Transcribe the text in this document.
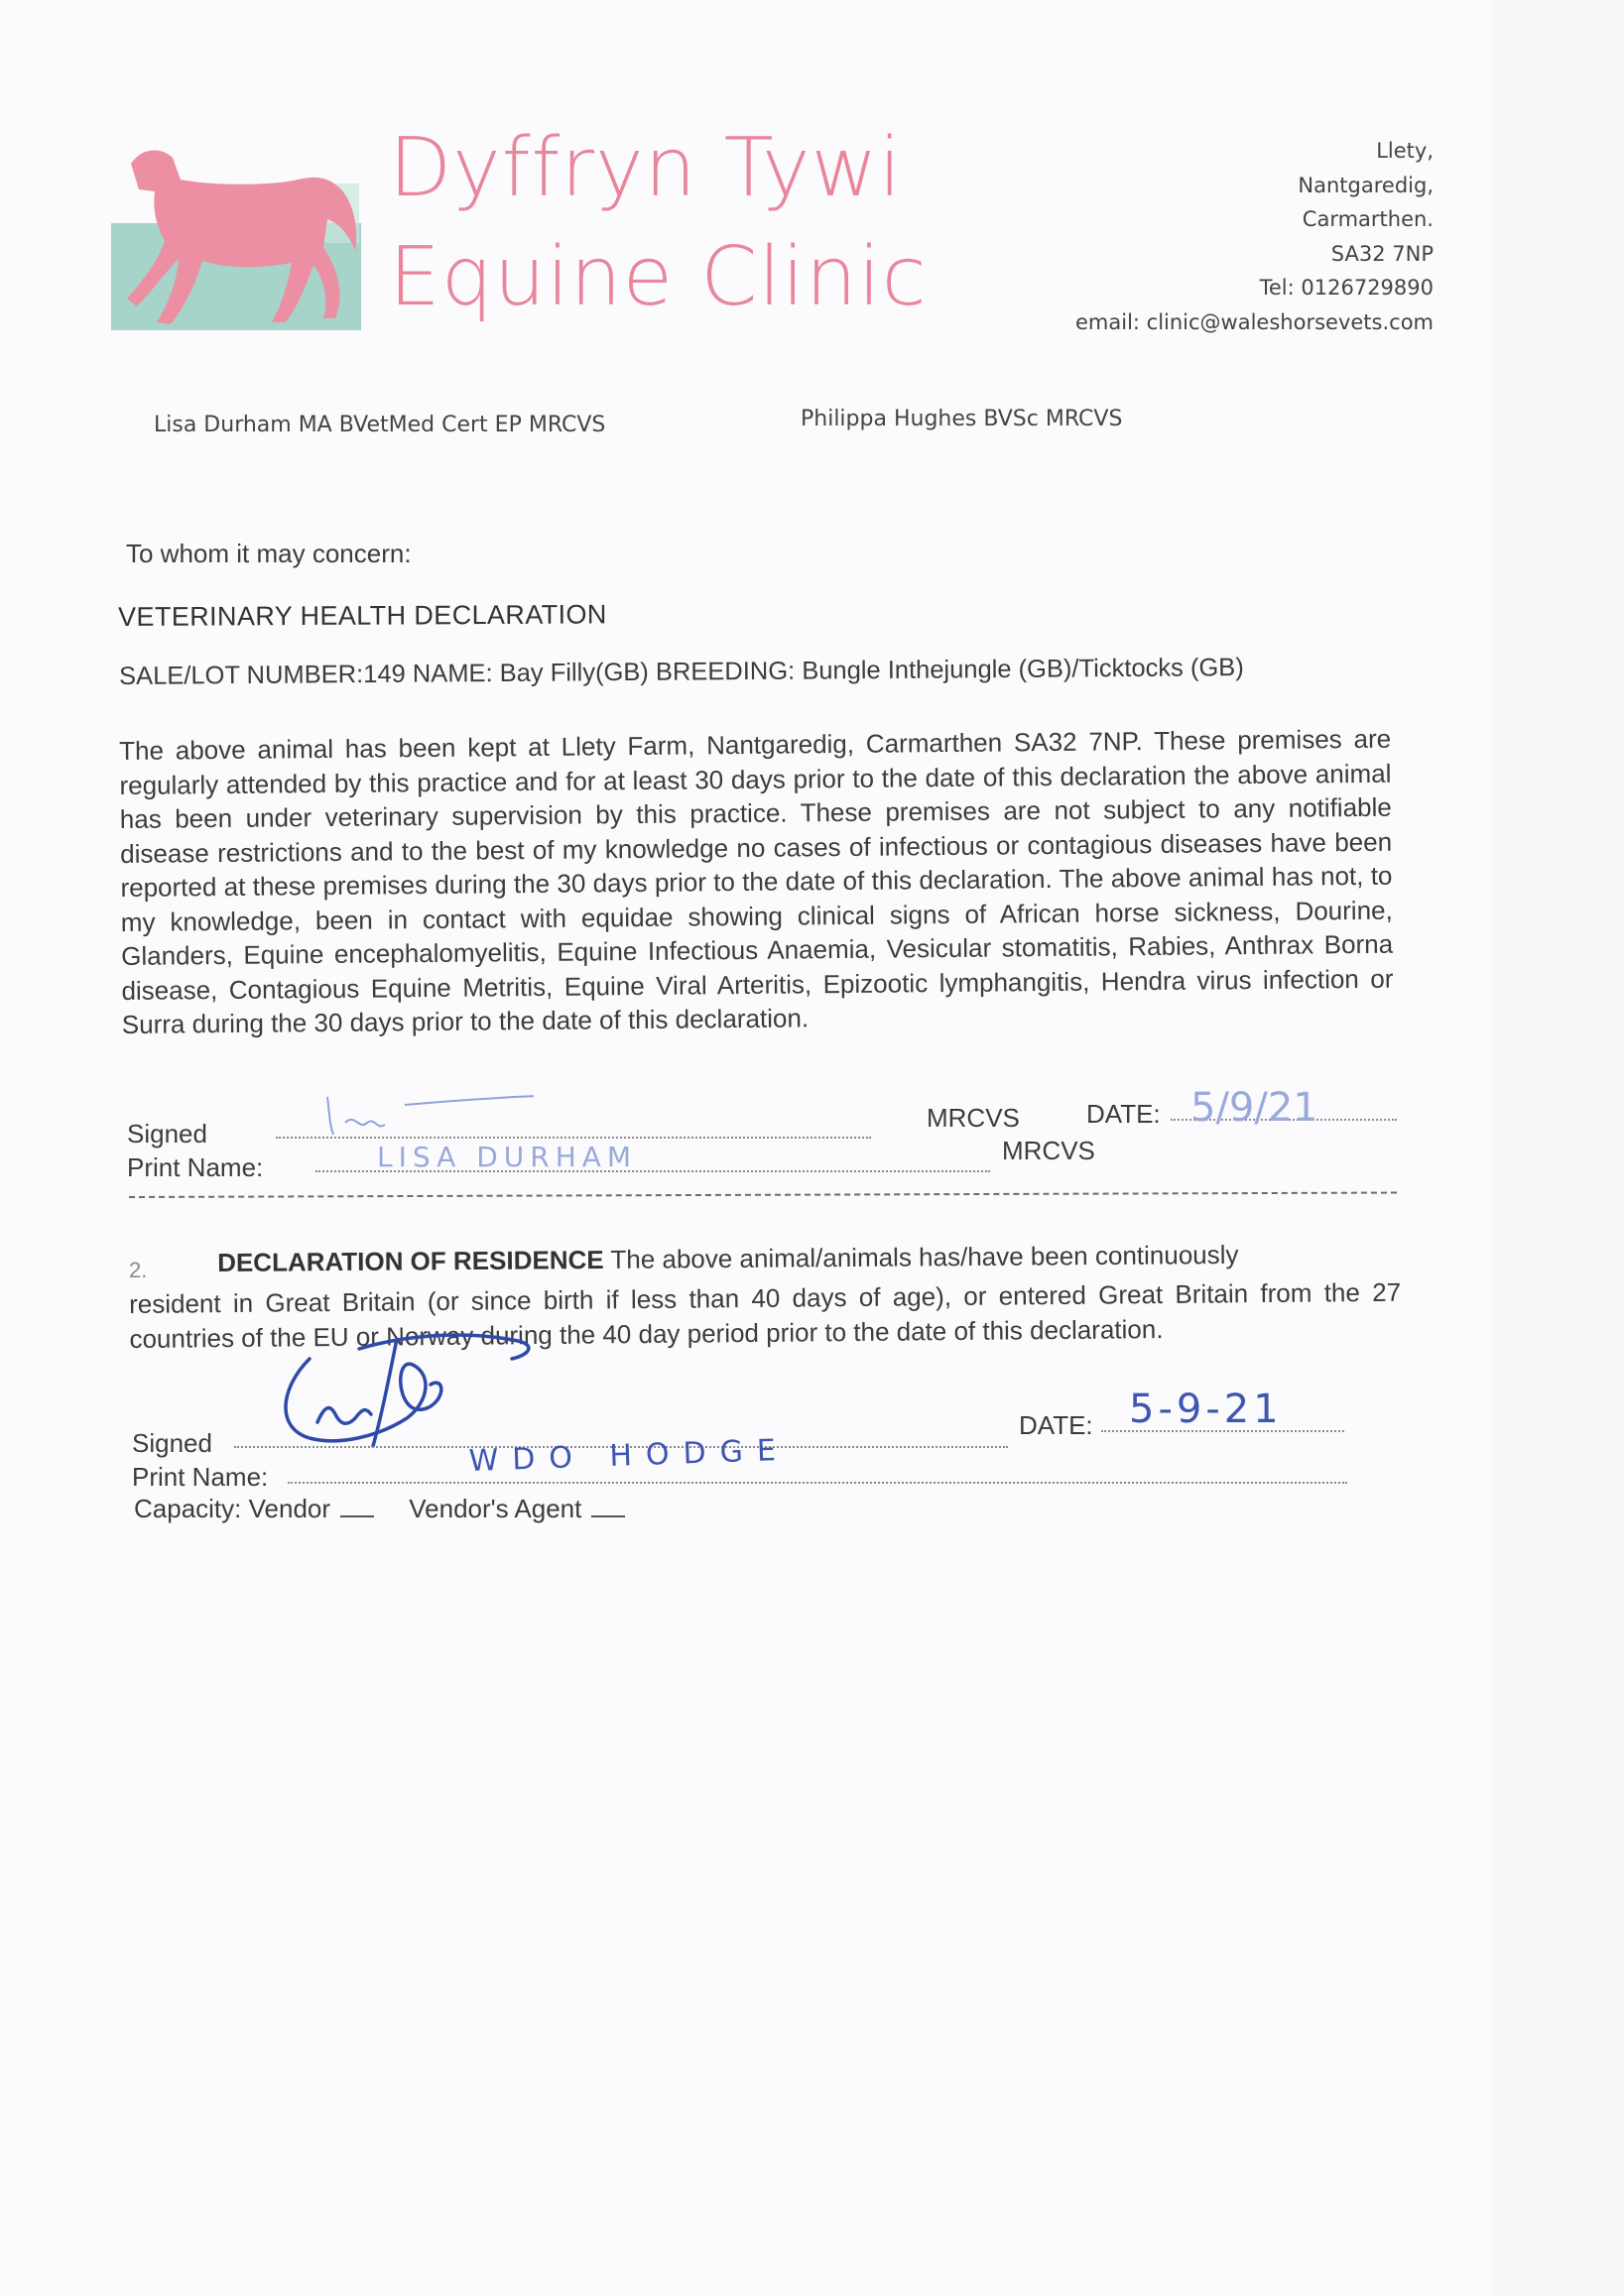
Dyffryn Tywi
Equine Clinic
Llety,
Nantgaredig,
Carmarthen.
SA32 7NP
Tel: 0126729890
email: clinic@waleshorsevets.com
Lisa Durham MA BVetMed Cert EP MRCVS	Philippa Hughes BVSc MRCVS
To whom it may concern:
VETERINARY HEALTH DECLARATION
SALE/LOT NUMBER:149 NAME: Bay Filly(GB) BREEDING: Bungle Inthejungle (GB)/Ticktocks (GB)
The above animal has been kept at Llety Farm, Nantgaredig, Carmarthen SA32 7NP. These premises are regularly attended by this practice and for at least 30 days prior to the date of this declaration the above animal has been under veterinary supervision by this practice. These premises are not subject to any notifiable disease restrictions and to the best of my knowledge no cases of infectious or contagious diseases have been reported at these premises during the 30 days prior to the date of this declaration. The above animal has not, to my knowledge, been in contact with equidae showing clinical signs of African horse sickness, Dourine, Glanders, Equine encephalomyelitis, Equine Infectious Anaemia, Vesicular stomatitis, Rabies, Anthrax Borna disease, Contagious Equine Metritis, Equine Viral Arteritis, Epizootic lymphangitis, Hendra virus infection or Surra during the 30 days prior to the date of this declaration.
Signed
MRCVS	DATE: 5/9/21
Print Name:	LISA DURHAM	MRCVS
2.	DECLARATION OF RESIDENCE The above animal/animals has/have been continuously
resident in Great Britain (or since birth if less than 40 days of age), or entered Great Britain from the 27 countries of the EU or Norway during the 40 day period prior to the date of this declaration.
Signed
DATE: 5-9-21
Print Name:	WDO HODGE
Capacity: Vendor	Vendor's Agent
